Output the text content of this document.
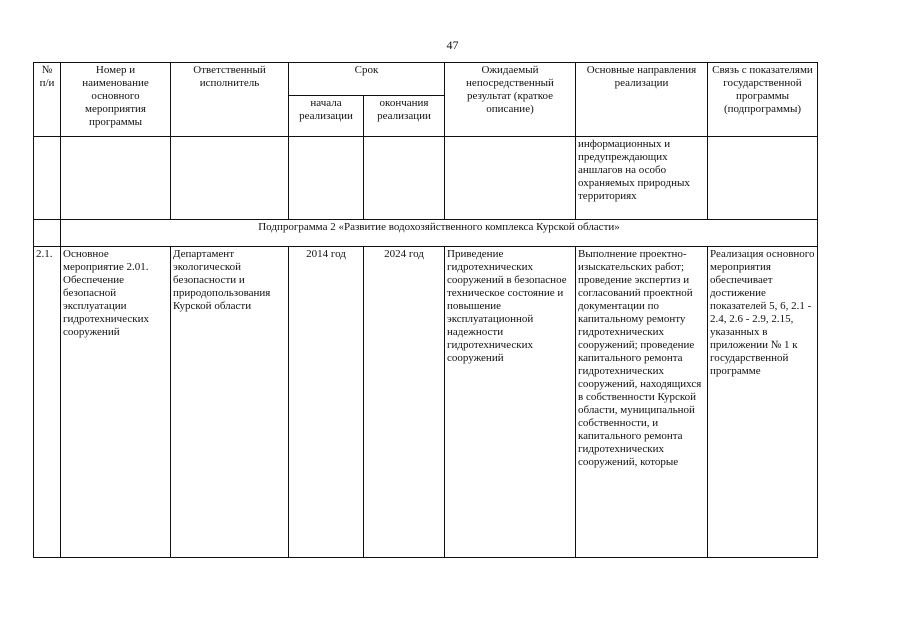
47
№ п/и	Номер и наименование основного мероприятия программы	Ответственный исполнитель	Срок		Ожидаемый непосредственный результат (краткое описание)	Основные направления реализации	Связь с показателями государственной программы (подпрограммы)
			начала реализации	окончания реализации			
						информационных и предупреждающих аншлагов на особо охраняемых природных территориях	
	Подпрограмма 2 «Развитие водохозяйственного комплекса Курской области»						
2.1.	Основное мероприятие 2.01. Обеспечение безопасной эксплуатации гидротехнических сооружений	Департамент экологической безопасности и природопользования Курской области	2014 год	2024 год	Приведение гидротехнических сооружений в безопасное техническое состояние и повышение эксплуатационной надежности гидротехнических сооружений	Выполнение проектно-изыскательских работ; проведение экспертиз и согласований проектной документации по капитальному ремонту гидротехнических сооружений; проведение капитального ремонта гидротехнических сооружений, находящихся в собственности Курской области, муниципальной собственности, и капитального ремонта гидротехнических сооружений, которые	Реализация основного мероприятия обеспечивает достижение показателей 5, 6, 2.1 - 2.4, 2.6 - 2.9, 2.15, указанных в приложении № 1 к государственной программе
